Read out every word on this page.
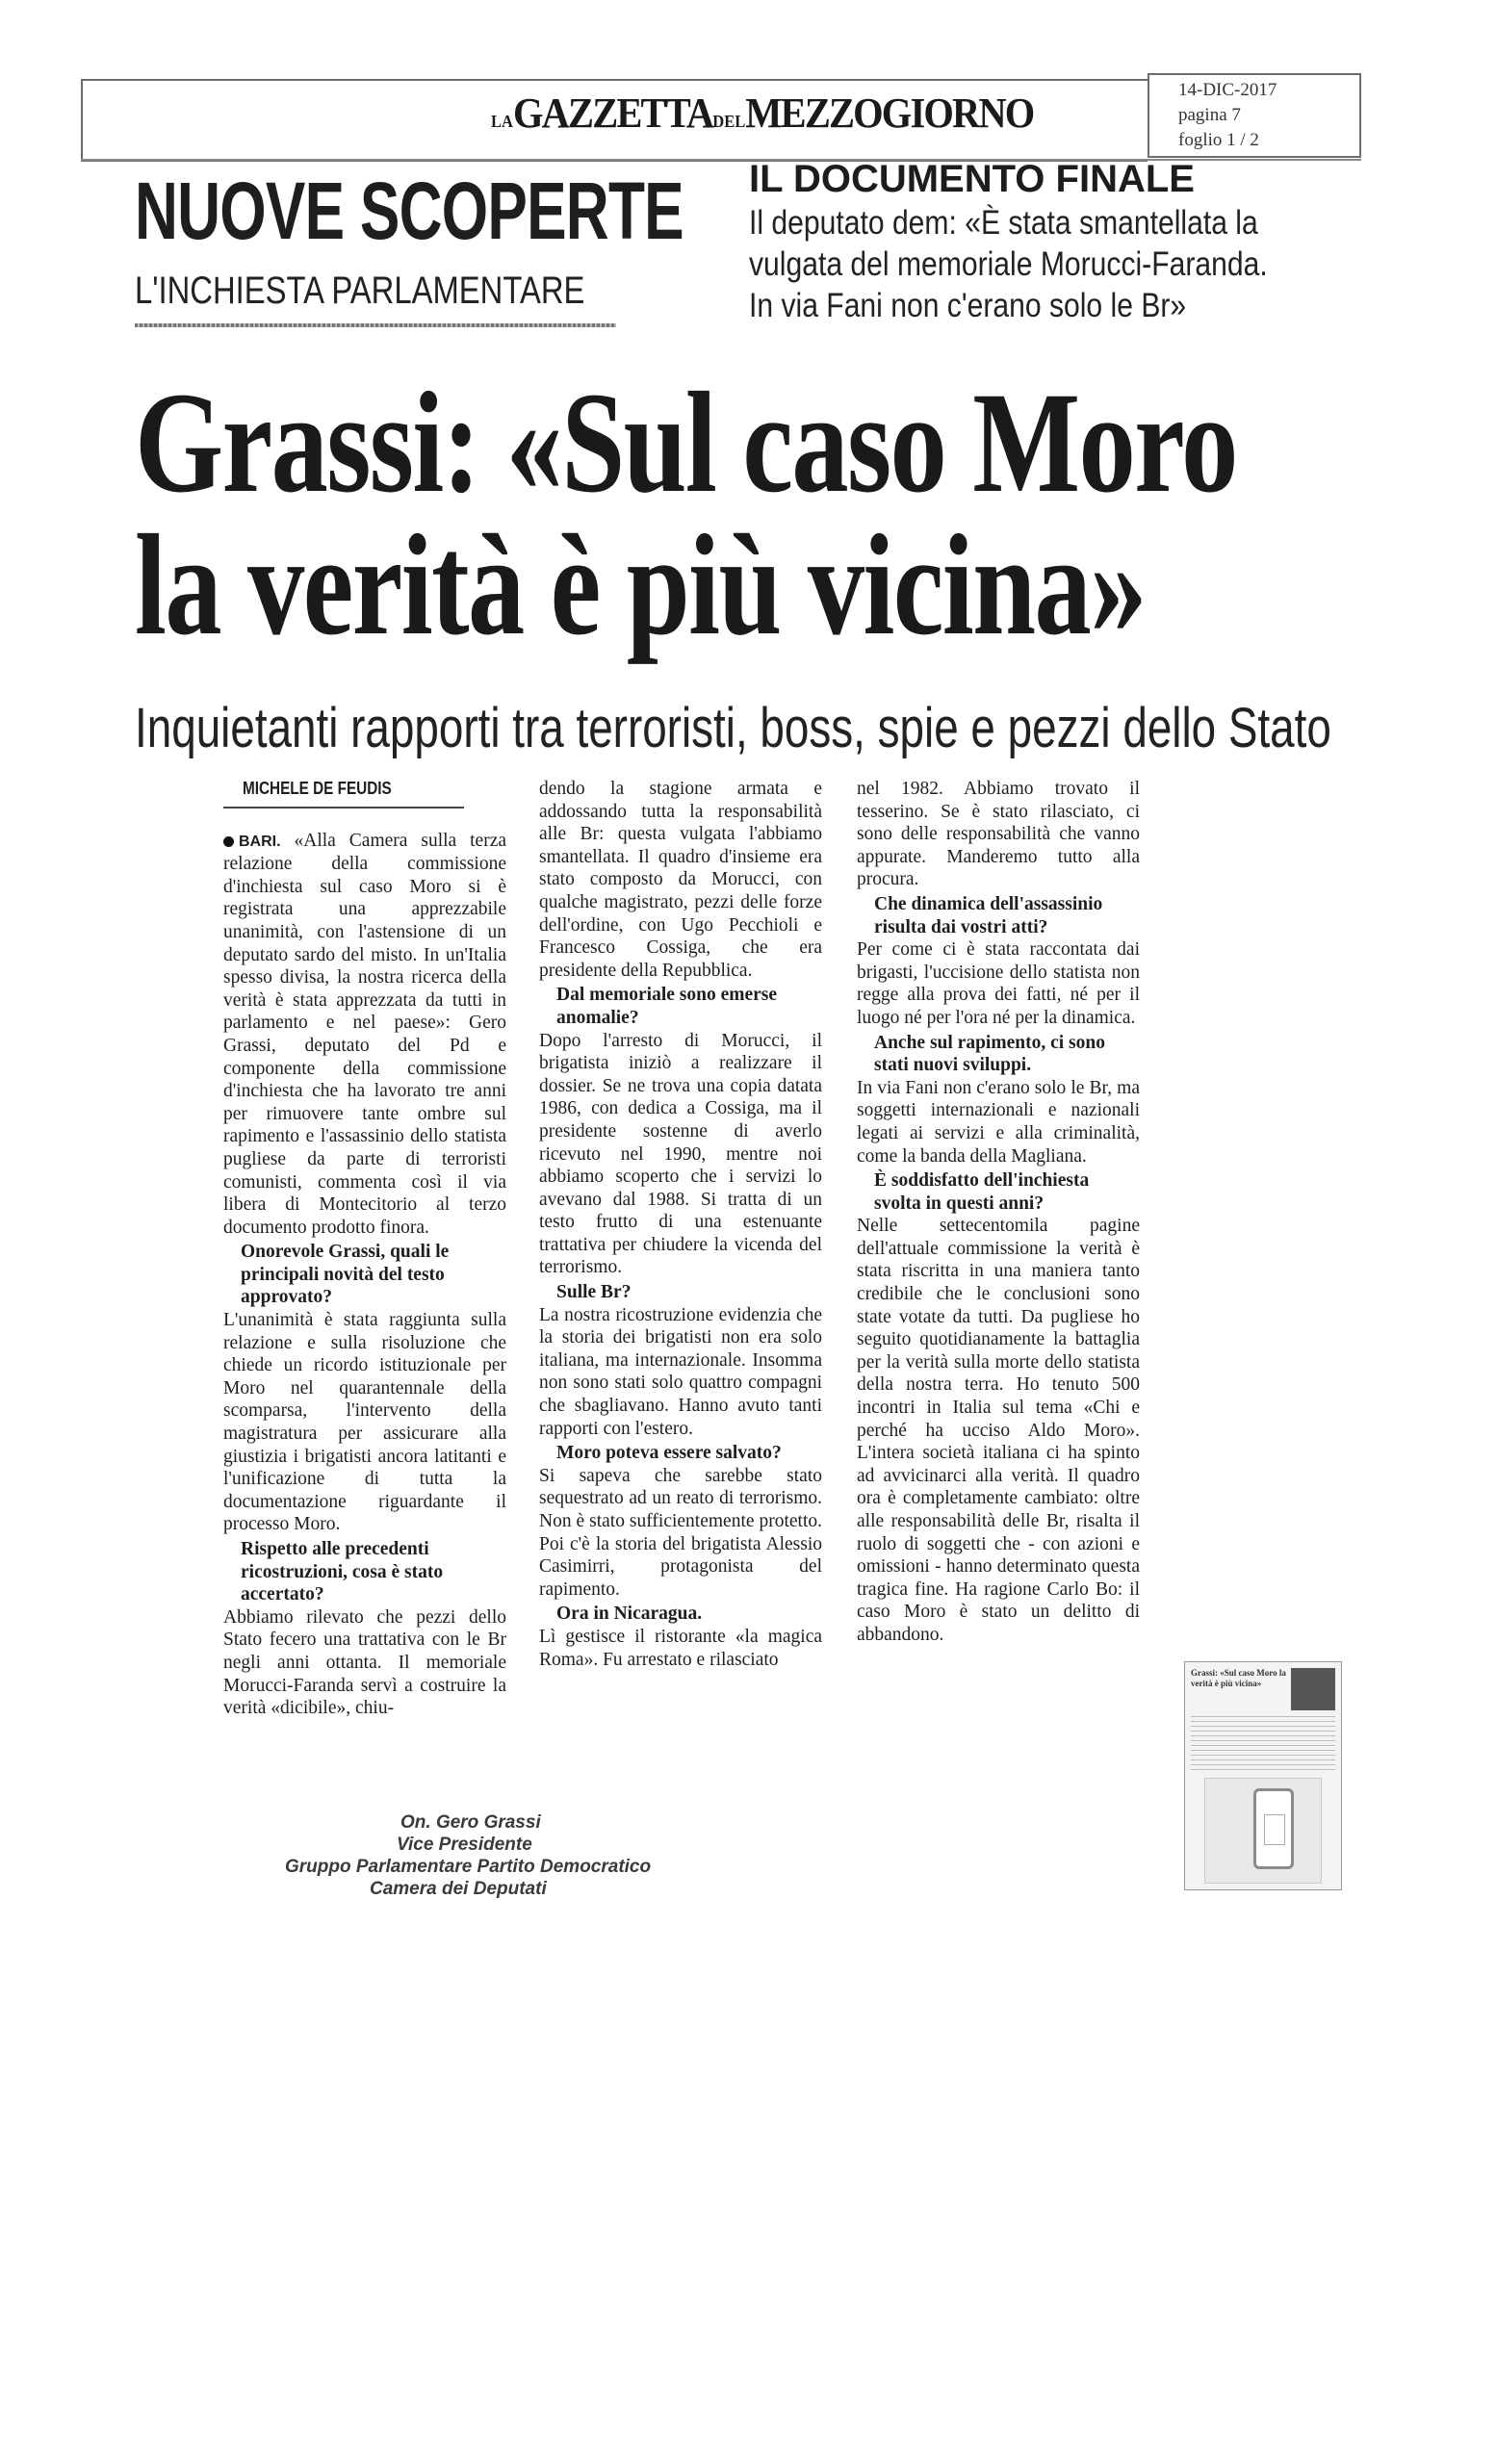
LAGAZZETTADELMEZZOGIORNO	14-DIC-2017
pagina 7
foglio 1 / 2
NUOVE SCOPERTE
L'INCHIESTA PARLAMENTARE
IL DOCUMENTO FINALE
Il deputato dem: «È stata smantellata la vulgata del memoriale Morucci-Faranda. In via Fani non c'erano solo le Br»
Grassi: «Sul caso Moro
la verità è più vicina»
Inquietanti rapporti tra terroristi, boss, spie e pezzi dello Stato
MICHELE DE FEUDIS

BARI. «Alla Camera sulla terza relazione della commissione d'inchiesta sul caso Moro si è registrata una apprezzabile unanimità, con l'astensione di un deputato sardo del misto. In un'Italia spesso divisa, la nostra ricerca della verità è stata apprezzata da tutti in parlamento e nel paese»: Gero Grassi, deputato del Pd e componente della commissione d'inchiesta che ha lavorato tre anni per rimuovere tante ombre sul rapimento e l'assassinio dello statista pugliese da parte di terroristi comunisti, commenta così il via libera di Montecitorio al terzo documento prodotto finora.

Onorevole Grassi, quali le principali novità del testo approvato?

L'unanimità è stata raggiunta sulla relazione e sulla risoluzione che chiede un ricordo istituzionale per Moro nel quarantennale della scomparsa, l'intervento della magistratura per assicurare alla giustizia i brigatisti ancora latitanti e l'unificazione di tutta la documentazione riguardante il processo Moro.

Rispetto alle precedenti ricostruzioni, cosa è stato accertato?

Abbiamo rilevato che pezzi dello Stato fecero una trattativa con le Br negli anni ottanta. Il memoriale Morucci-Faranda servì a costruire la verità «dicibile», chiu-

dendo la stagione armata e addossando tutta la responsabilità alle Br: questa vulgata l'abbiamo smantellata. Il quadro d'insieme era stato composto da Morucci, con qualche magistrato, pezzi delle forze dell'ordine, con Ugo Pecchioli e Francesco Cossiga, che era presidente della Repubblica.

Dal memoriale sono emerse anomalie?

Dopo l'arresto di Morucci, il brigatista iniziò a realizzare il dossier. Se ne trova una copia datata 1986, con dedica a Cossiga, ma il presidente sostenne di averlo ricevuto nel 1990, mentre noi abbiamo scoperto che i servizi lo avevano dal 1988. Si tratta di un testo frutto di una estenuante trattativa per chiudere la vicenda del terrorismo.

Sulle Br?

La nostra ricostruzione evidenzia che la storia dei brigatisti non era solo italiana, ma internazionale. Insomma non sono stati solo quattro compagni che sbagliavano. Hanno avuto tanti rapporti con l'estero.

Moro poteva essere salvato?

Si sapeva che sarebbe stato sequestrato ad un reato di terrorismo. Non è stato sufficientemente protetto. Poi c'è la storia del brigatista Alessio Casimirri, protagonista del rapimento.

Ora in Nicaragua.

Lì gestisce il ristorante «la magica Roma». Fu arrestato e rilasciato

nel 1982. Abbiamo trovato il tesserino. Se è stato rilasciato, ci sono delle responsabilità che vanno appurate. Manderemo tutto alla procura.

Che dinamica dell'assassinio risulta dai vostri atti?

Per come ci è stata raccontata dai brigasti, l'uccisione dello statista non regge alla prova dei fatti, né per il luogo né per l'ora né per la dinamica.

Anche sul rapimento, ci sono stati nuovi sviluppi.

In via Fani non c'erano solo le Br, ma soggetti internazionali e nazionali legati ai servizi e alla criminalità, come la banda della Magliana.

È soddisfatto dell'inchiesta svolta in questi anni?

Nelle settecentomila pagine dell'attuale commissione la verità è stata riscritta in una maniera tanto credibile che le conclusioni sono state votate da tutti. Da pugliese ho seguito quotidianamente la battaglia per la verità sulla morte dello statista della nostra terra. Ho tenuto 500 incontri in Italia sul tema «Chi e perché ha ucciso Aldo Moro». L'intera società italiana ci ha spinto ad avvicinarci alla verità. Il quadro ora è completamente cambiato: oltre alle responsabilità delle Br, risalta il ruolo di soggetti che - con azioni e omissioni - hanno determinato questa tragica fine. Ha ragione Carlo Bo: il caso Moro è stato un delitto di abbandono.

Grassi: «Sul caso Moro la verità è più vicina»
On. Gero Grassi
Vice Presidente
Gruppo Parlamentare Partito Democratico
Camera dei Deputati
